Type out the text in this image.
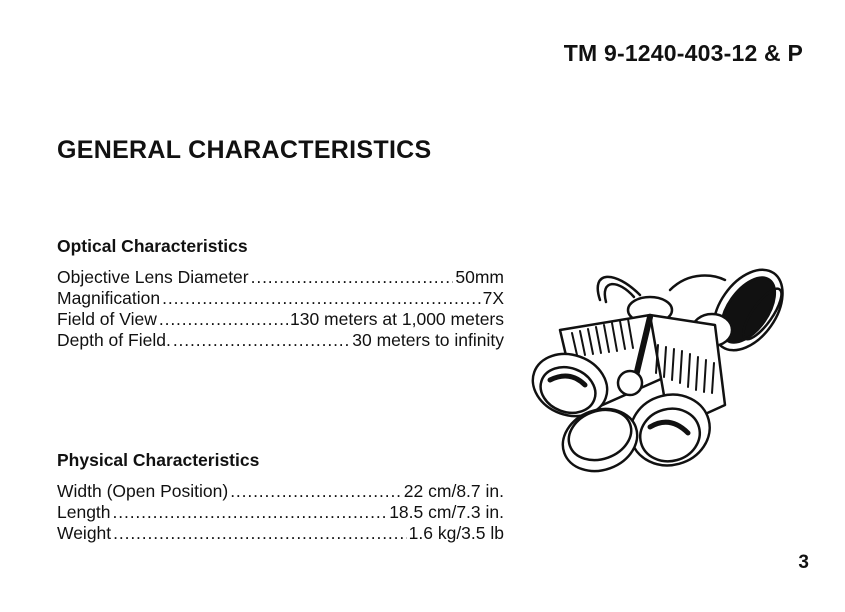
TM 9-1240-403-12 & P
GENERAL CHARACTERISTICS
Optical Characteristics
Objective Lens Diameter . . .	50mm
Magnification . . .	7X
Field of View . . .	130 meters at 1,000 meters
Depth of Field. . . .	30 meters to infinity
Physical Characteristics
Width (Open Position) . . .	22 cm/8.7 in.
Length . . .	18.5 cm/7.3 in.
Weight . . .	1.6 kg/3.5 lb
3
